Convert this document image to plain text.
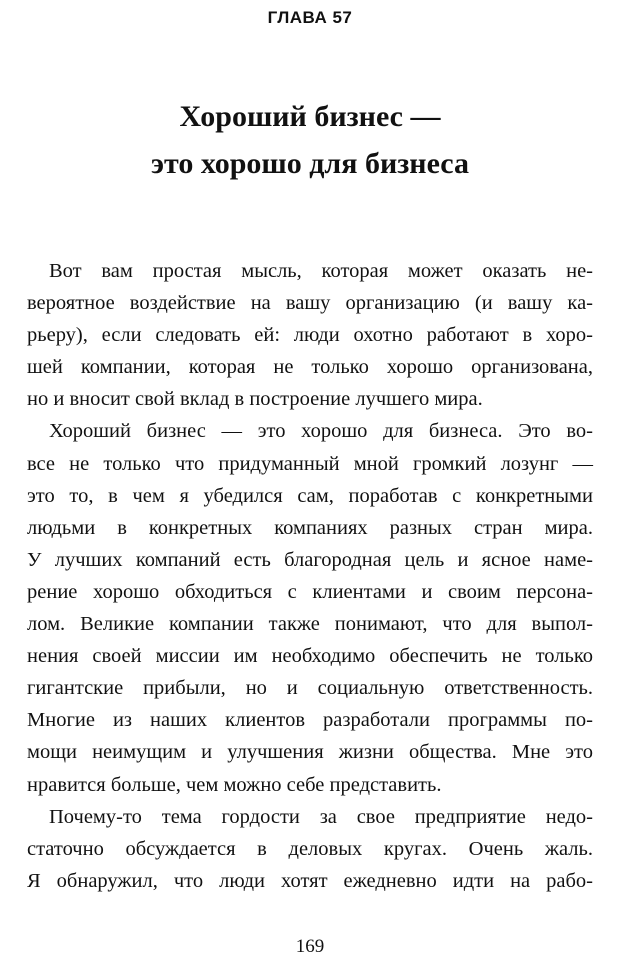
ГЛАВА 57
Хороший бизнес —
это хорошо для бизнеса
Вот вам простая мысль, которая может оказать не-
вероятное воздействие на вашу организацию (и вашу ка-
рьеру), если следовать ей: люди охотно работают в хоро-
шей компании, которая не только хорошо организована,
но и вносит свой вклад в построение лучшего мира.
Хороший бизнес — это хорошо для бизнеса. Это во-
все не только что придуманный мной громкий лозунг —
это то, в чем я убедился сам, поработав с конкретными
людьми в конкретных компаниях разных стран мира.
У лучших компаний есть благородная цель и ясное наме-
рение хорошо обходиться с клиентами и своим персона-
лом. Великие компании также понимают, что для выпол-
нения своей миссии им необходимо обеспечить не только
гигантские прибыли, но и социальную ответственность.
Многие из наших клиентов разработали программы по-
мощи неимущим и улучшения жизни общества. Мне это
нравится больше, чем можно себе представить.
Почему-то тема гордости за свое предприятие недо-
статочно обсуждается в деловых кругах. Очень жаль.
Я обнаружил, что люди хотят ежедневно идти на рабо-
169
